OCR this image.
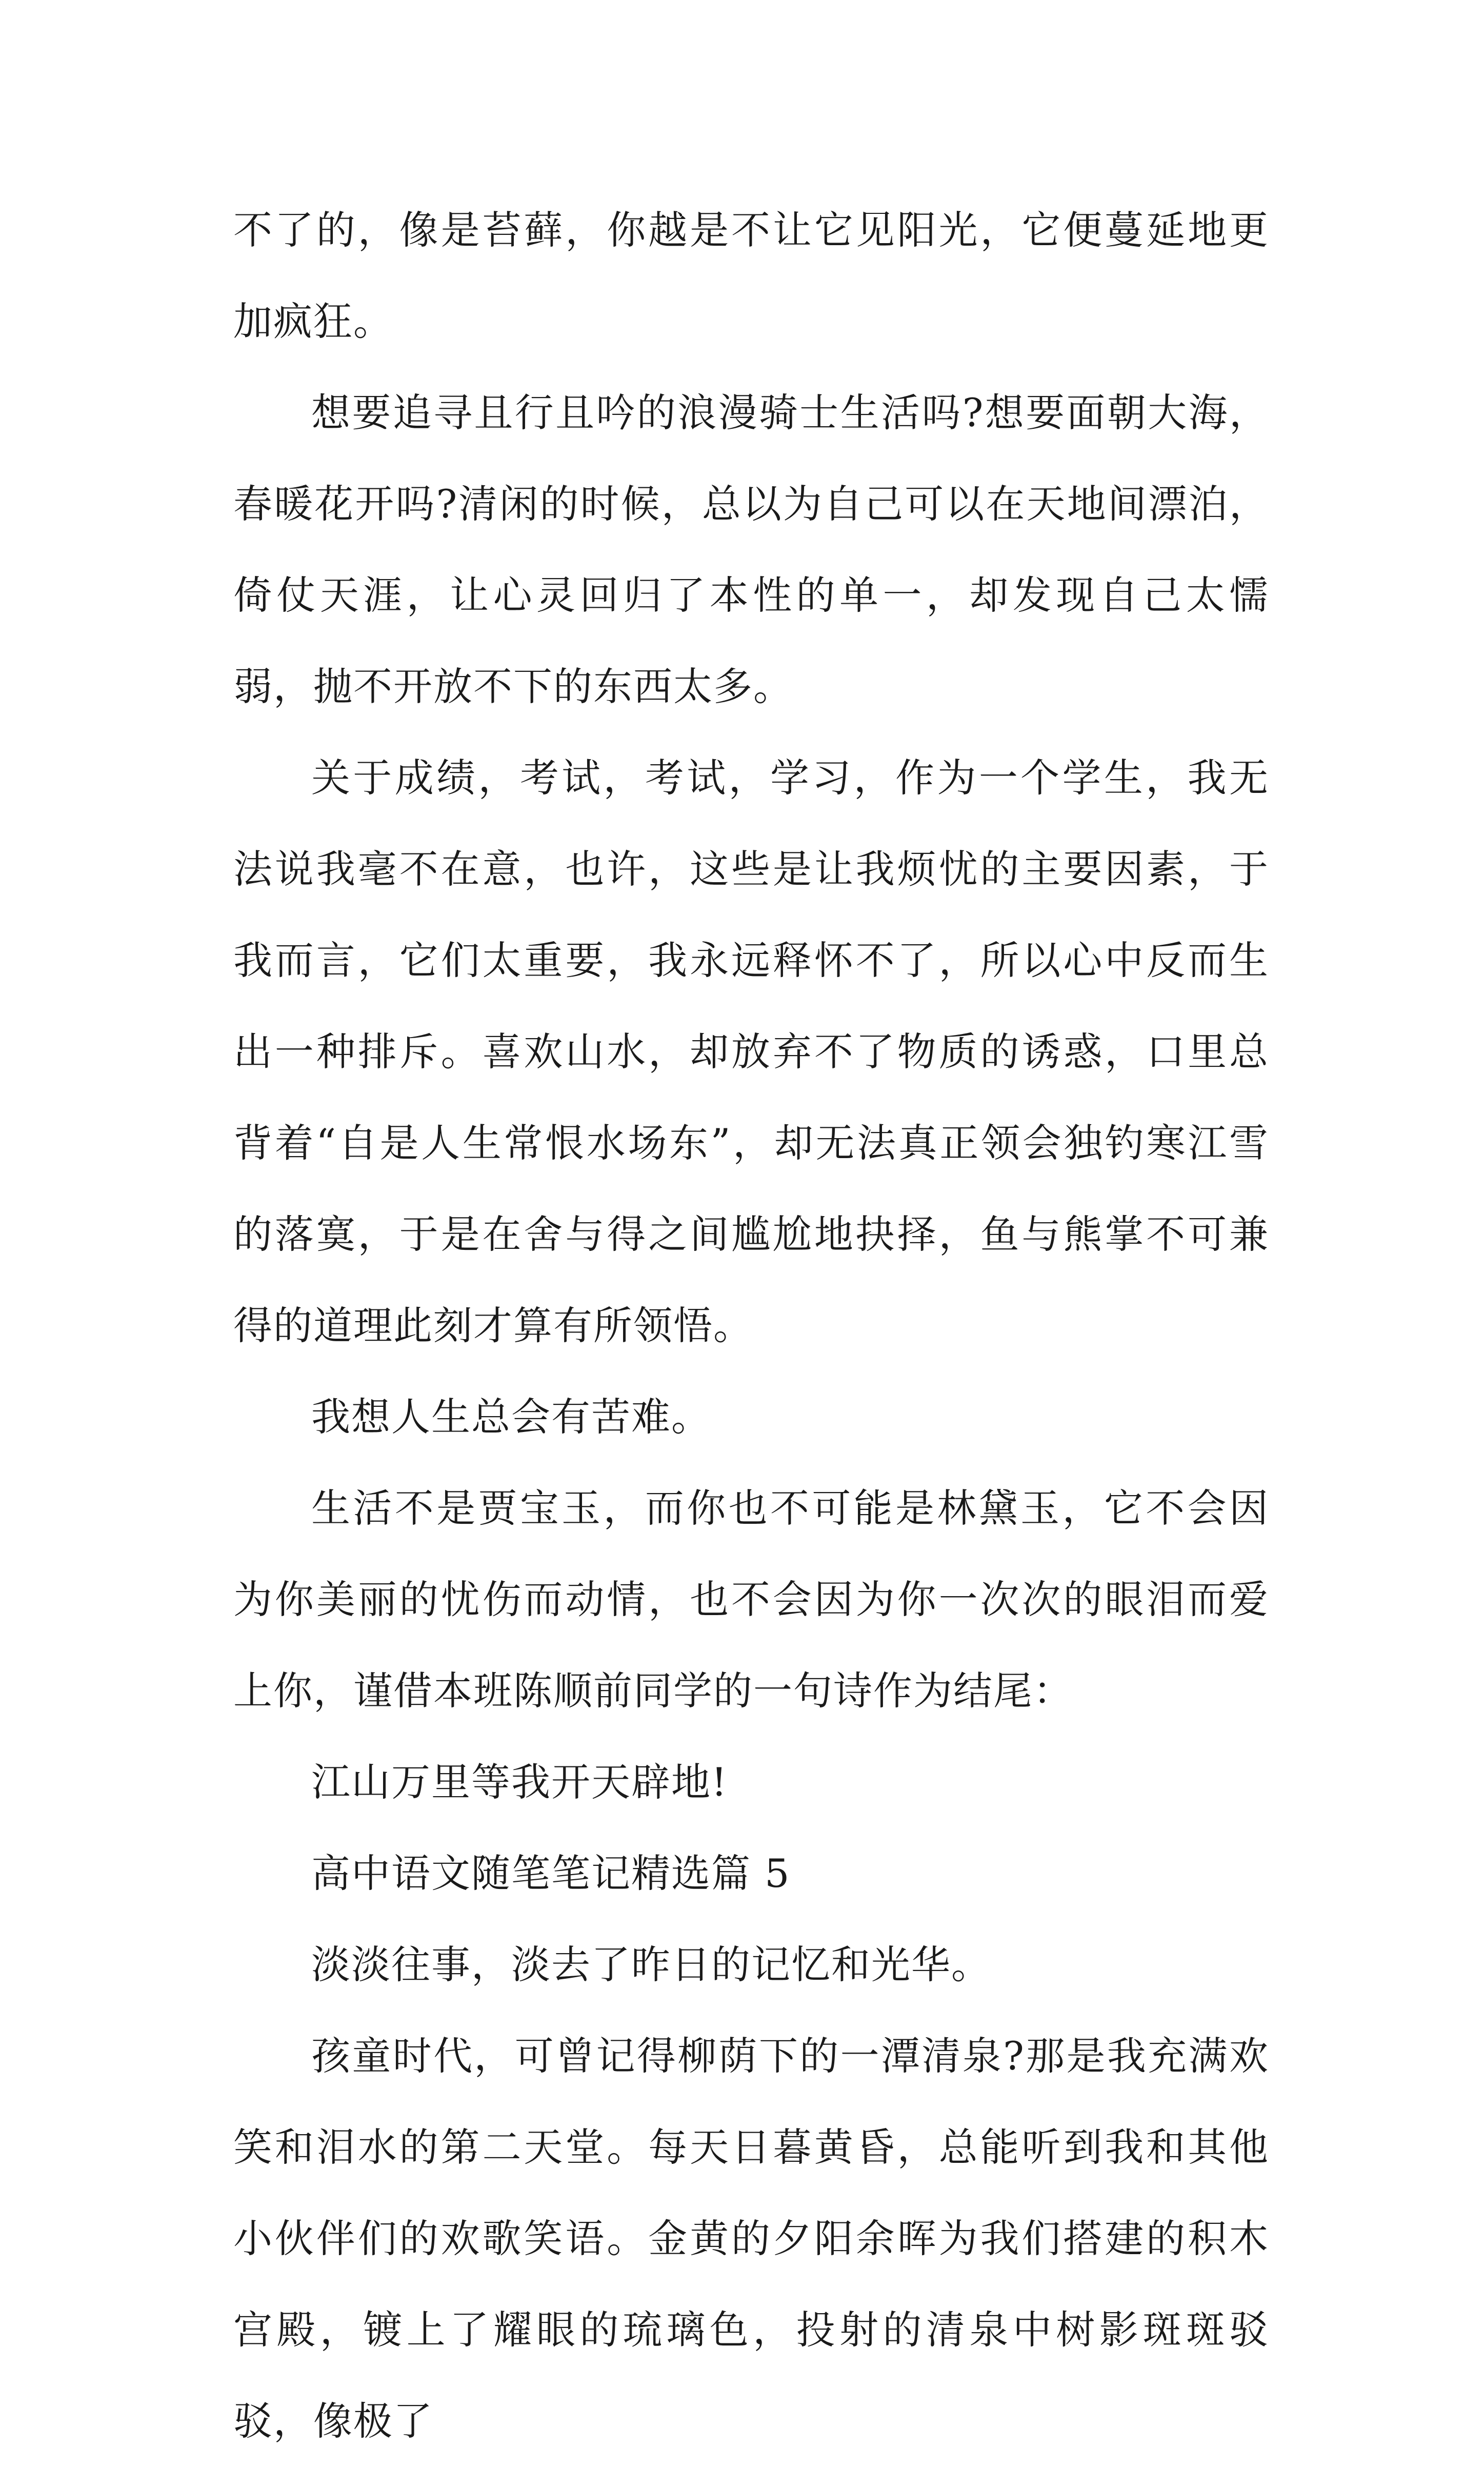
不了的，像是苔藓，你越是不让它见阳光，它便蔓延地更加疯狂。

想要追寻且行且吟的浪漫骑士生活吗?想要面朝大海，春暖花开吗?清闲的时候，总以为自己可以在天地间漂泊，倚仗天涯，让心灵回归了本性的单一，却发现自己太懦弱，抛不开放不下的东西太多。

关于成绩，考试，考试，学习，作为一个学生，我无法说我毫不在意，也许，这些是让我烦忧的主要因素，于我而言，它们太重要，我永远释怀不了，所以心中反而生出一种排斥。喜欢山水，却放弃不了物质的诱惑，口里总背着“自是人生常恨水场东”，却无法真正领会独钓寒江雪的落寞，于是在舍与得之间尴尬地抉择，鱼与熊掌不可兼得的道理此刻才算有所领悟。

我想人生总会有苦难。

生活不是贾宝玉，而你也不可能是林黛玉，它不会因为你美丽的忧伤而动情，也不会因为你一次次的眼泪而爱上你，谨借本班陈顺前同学的一句诗作为结尾：

江山万里等我开天辟地!

高中语文随笔笔记精选篇 5

淡淡往事，淡去了昨日的记忆和光华。

孩童时代，可曾记得柳荫下的一潭清泉?那是我充满欢笑和泪水的第二天堂。每天日暮黄昏，总能听到我和其他小伙伴们的欢歌笑语。金黄的夕阳余晖为我们搭建的积木宫殿，镀上了耀眼的琉璃色，投射的清泉中树影斑斑驳驳，像极了
